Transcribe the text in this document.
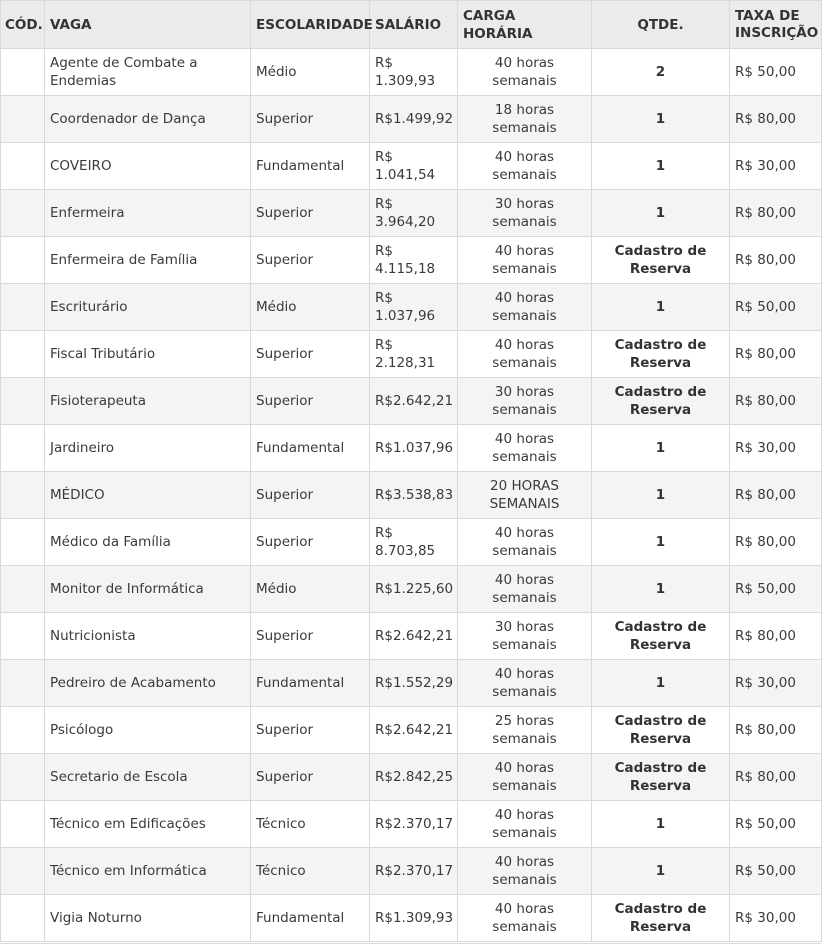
CÓD.	VAGA	ESCOLARIDADE	SALÁRIO	CARGA HORÁRIA	QTDE.	TAXA DE
INSCRIÇÃO
	Agente de Combate a Endemias	Médio	R$ 1.309,93	40 horas semanais	2	R$ 50,00
	Coordenador de Dança	Superior	R$1.499,92	18 horas semanais	1	R$ 80,00
	COVEIRO	Fundamental	R$ 1.041,54	40 horas semanais	1	R$ 30,00
	Enfermeira	Superior	R$ 3.964,20	30 horas semanais	1	R$ 80,00
	Enfermeira de Família	Superior	R$ 4.115,18	40 horas semanais	Cadastro de Reserva	R$ 80,00
	Escriturário	Médio	R$ 1.037,96	40 horas semanais	1	R$ 50,00
	Fiscal Tributário	Superior	R$ 2.128,31	40 horas semanais	Cadastro de Reserva	R$ 80,00
	Fisioterapeuta	Superior	R$2.642,21	30 horas semanais	Cadastro de Reserva	R$ 80,00
	Jardineiro	Fundamental	R$1.037,96	40 horas semanais	1	R$ 30,00
	MÉDICO	Superior	R$3.538,83	20 HORAS SEMANAIS	1	R$ 80,00
	Médico da Família	Superior	R$ 8.703,85	40 horas semanais	1	R$ 80,00
	Monitor de Informática	Médio	R$1.225,60	40 horas semanais	1	R$ 50,00
	Nutricionista	Superior	R$2.642,21	30 horas semanais	Cadastro de Reserva	R$ 80,00
	Pedreiro de Acabamento	Fundamental	R$1.552,29	40 horas semanais	1	R$ 30,00
	Psicólogo	Superior	R$2.642,21	25 horas semanais	Cadastro de Reserva	R$ 80,00
	Secretario de Escola	Superior	R$2.842,25	40 horas semanais	Cadastro de Reserva	R$ 80,00
	Técnico em Edificações	Técnico	R$2.370,17	40 horas semanais	1	R$ 50,00
	Técnico em Informática	Técnico	R$2.370,17	40 horas semanais	1	R$ 50,00
	Vigia Noturno	Fundamental	R$1.309,93	40 horas semanais	Cadastro de Reserva	R$ 30,00
